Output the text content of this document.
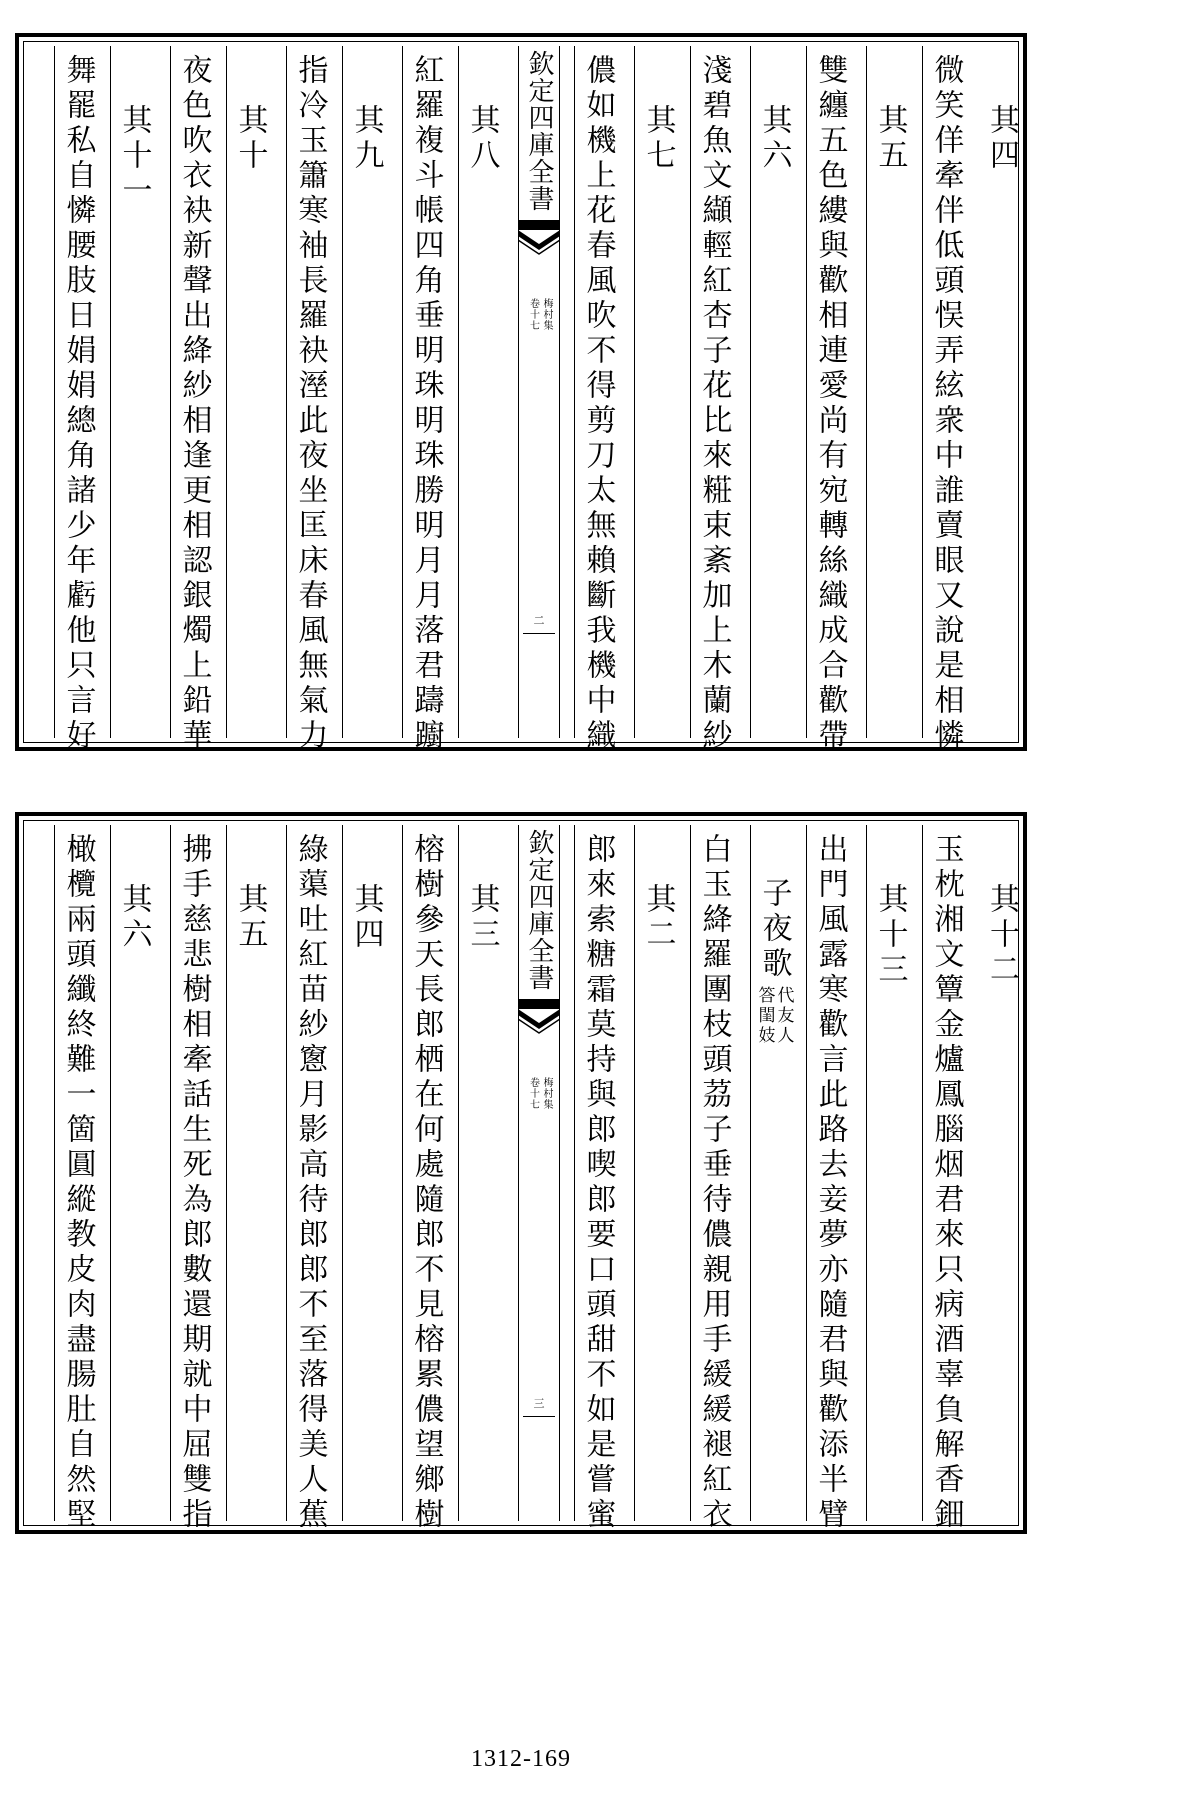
其四
微笑佯牽伴低頭悮弄絃衆中誰賣眼又說是相憐
其五
雙纏五色縷與歡相連愛尚有宛轉絲織成合歡帶
其六
淺碧魚文纈輕紅杏子花比來糚束紊加上木蘭紗
其七
儂如機上花春風吹不得剪刀太無賴斷我機中織
其八
紅羅複斗帳四角垂明珠明珠勝明月月落君躊躕
其九
指冷玉簫寒袖長羅袂溼此夜坐匡床春風無氣力
其十
夜色吹衣袂新聲出絳紗相逢更相認銀燭上鉛華
其十一
舞罷私自憐腰肢日娟娟總角諸少年虧他只言好	欽定四庫全書
梅村集
卷十七
二
其十二
玉枕湘文簟金爐鳳腦烟君來只病酒辜負解香鈿
其十三
出門風露寒歡言此路去妾夢亦隨君與歡添半臂
子夜歌
代友人
答閨妓
白玉絳羅團枝頭茘子垂待儂親用手緩緩褪紅衣
其二
郎來索糖霜莫持與郎喫郎要口頭甜不如是嘗蜜
其三
榕樹參天長郎栖在何處隨郎不見榕累儂望鄉樹
其四
綠蕖吐紅苗紗窻月影高待郎郎不至落得美人蕉
其五
拂手慈悲樹相牽話生死為郎數還期就中屈雙指
其六
橄欖兩頭纖終難一箇圓縱教皮肉盡腸肚自然堅	欽定四庫全書
梅村集
卷十七
三
1312-169
